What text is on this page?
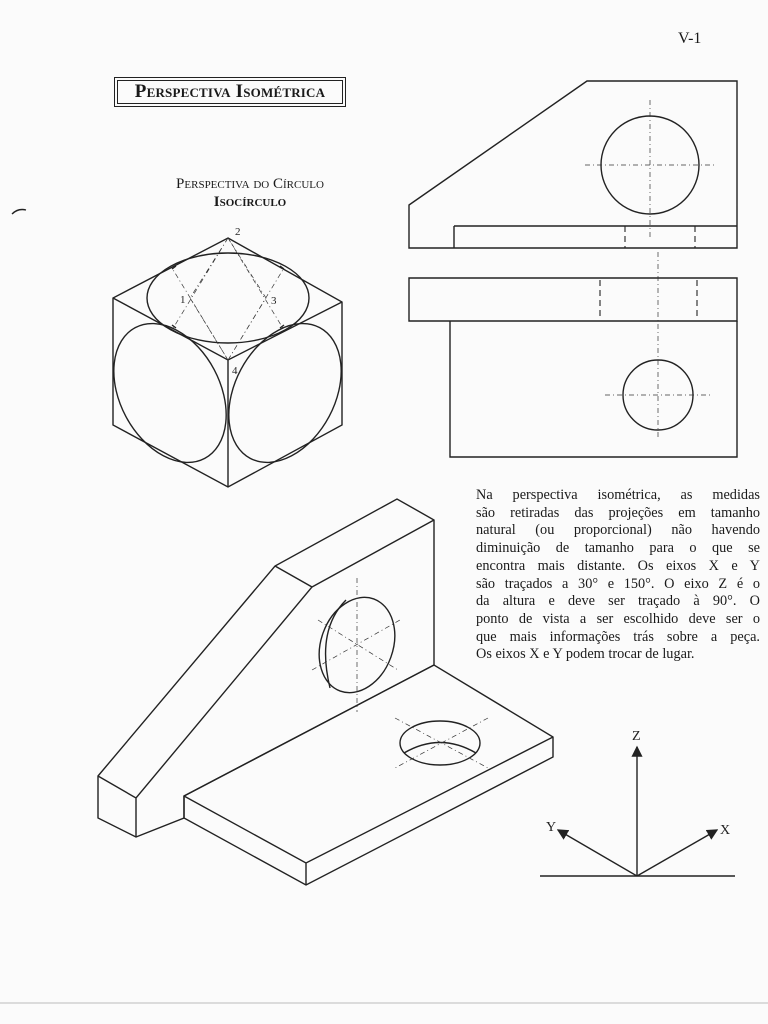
V-1
Perspectiva Isométrica
Perspectiva do Círculo
Isocírculo
Na perspectiva isométrica, as medidas
são retiradas das projeções em tamanho
natural (ou proporcional) não havendo
diminuição de tamanho para o que se
encontra mais distante. Os eixos X e Y
são traçados a 30° e 150°. O eixo Z é o
da altura e deve ser traçado à 90°. O
ponto de vista a ser escolhido deve ser o
que mais informações trás sobre a peça.
Os eixos X e Y podem trocar de lugar.
2
1	3
4
Z
Y	X
